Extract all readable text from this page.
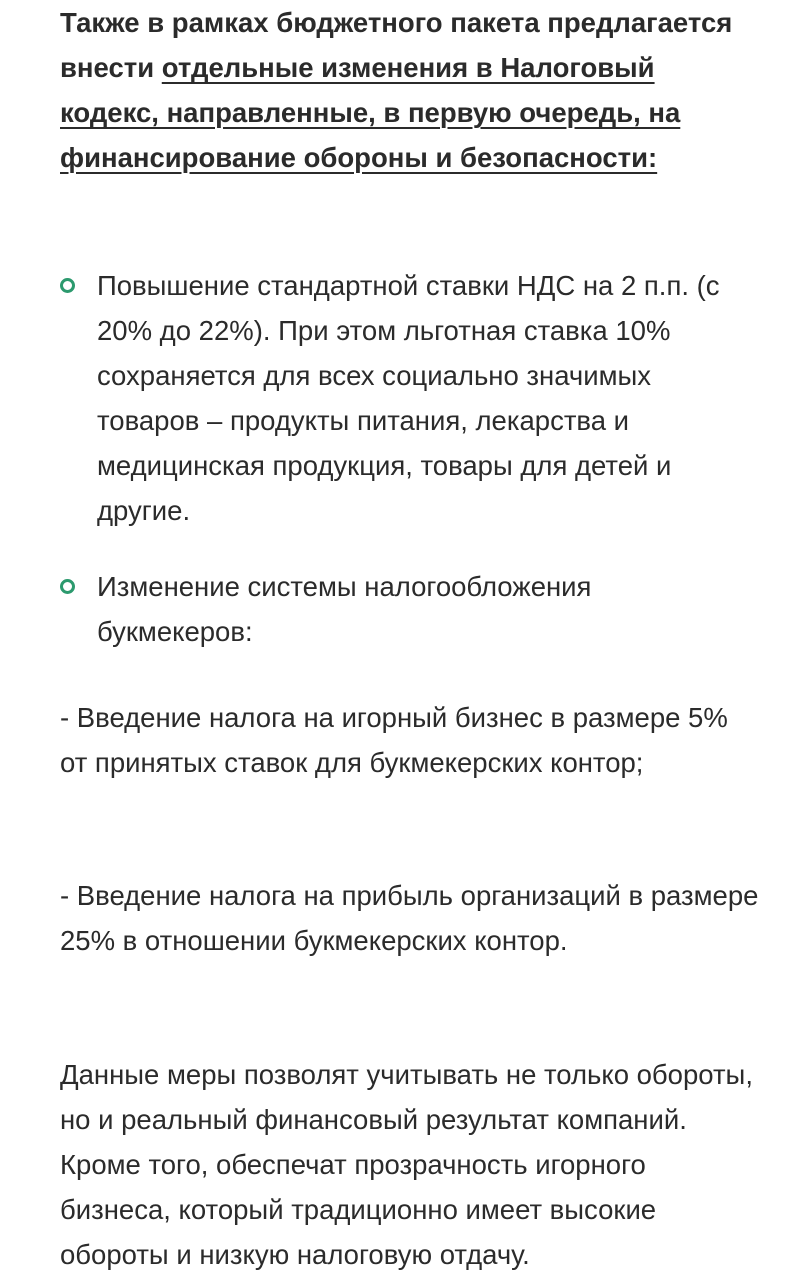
Также в рамках бюджетного пакета предлагается внести отдельные изменения в Налоговый кодекс, направленные, в первую очередь, на финансирование обороны и безопасности:

Повышение стандартной ставки НДС на 2 п.п. (с 20% до 22%). При этом льготная ставка 10% сохраняется для всех социально значимых товаров – продукты питания, лекарства и медицинская продукция, товары для детей и другие.
Изменение системы налогообложения букмекеров:

- Введение налога на игорный бизнес в размере 5% от принятых ставок для букмекерских контор;

- Введение налога на прибыль организаций в размере 25% в отношении букмекерских контор.

Данные меры позволят учитывать не только обороты, но и реальный финансовый результат компаний. Кроме того, обеспечат прозрачность игорного бизнеса, который традиционно имеет высокие обороты и низкую налоговую отдачу.
